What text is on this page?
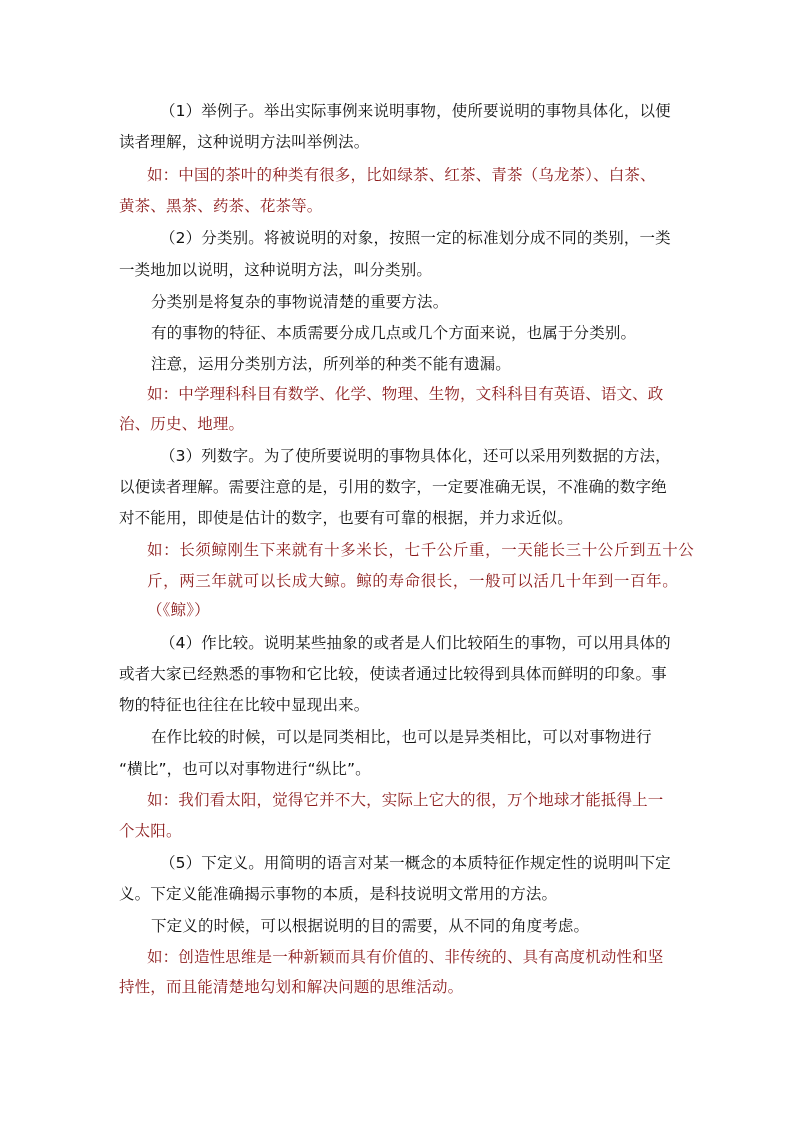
（1）举例子。举出实际事例来说明事物，使所要说明的事物具体化，以便
读者理解，这种说明方法叫举例法。
如：中国的茶叶的种类有很多，比如绿茶、红茶、青茶（乌龙茶）、白茶、
黄茶、黑茶、药茶、花茶等。
（2）分类别。将被说明的对象，按照一定的标准划分成不同的类别，一类
一类地加以说明，这种说明方法，叫分类别。
分类别是将复杂的事物说清楚的重要方法。
有的事物的特征、本质需要分成几点或几个方面来说，也属于分类别。
注意，运用分类别方法，所列举的种类不能有遗漏。
如：中学理科科目有数学、化学、物理、生物，文科科目有英语、语文、政
治、历史、地理。
（3）列数字。为了使所要说明的事物具体化，还可以采用列数据的方法，
以便读者理解。需要注意的是，引用的数字，一定要准确无误，不准确的数字绝
对不能用，即使是估计的数字，也要有可靠的根据，并力求近似。
如：长须鲸刚生下来就有十多米长，七千公斤重，一天能长三十公斤到五十公
斤，两三年就可以长成大鲸。鲸的寿命很长，一般可以活几十年到一百年。
（《鲸》）
（4）作比较。说明某些抽象的或者是人们比较陌生的事物，可以用具体的
或者大家已经熟悉的事物和它比较，使读者通过比较得到具体而鲜明的印象。事
物的特征也往往在比较中显现出来。
在作比较的时候，可以是同类相比，也可以是异类相比，可以对事物进行
“横比”，也可以对事物进行“纵比”。
如：我们看太阳，觉得它并不大，实际上它大的很，万个地球才能抵得上一
个太阳。
（5）下定义。用简明的语言对某一概念的本质特征作规定性的说明叫下定
义。下定义能准确揭示事物的本质，是科技说明文常用的方法。
下定义的时候，可以根据说明的目的需要，从不同的角度考虑。
如：创造性思维是一种新颖而具有价值的、非传统的、具有高度机动性和坚
持性，而且能清楚地勾划和解决问题的思维活动。
